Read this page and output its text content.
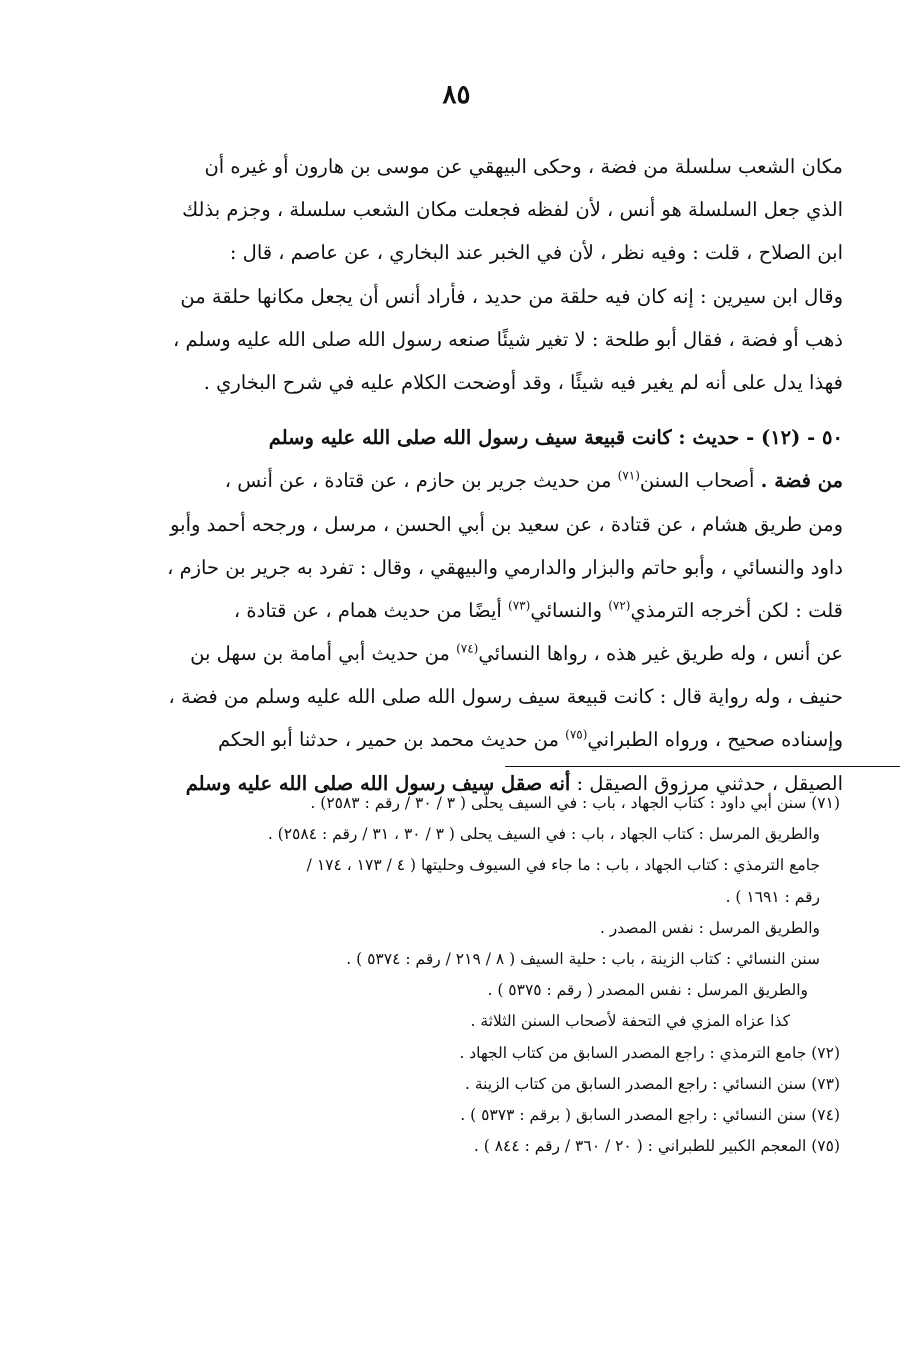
٨٥
مكان الشعب سلسلة من فضة ، وحكى البيهقي عن موسى بن هارون أو غيره أن
الذي جعل السلسلة هو أنس ، لأن لفظه فجعلت مكان الشعب سلسلة ، وجزم بذلك
ابن الصلاح ، قلت : وفيه نظر ، لأن في الخبر عند البخاري ، عن عاصم ، قال :
وقال ابن سيرين : إنه كان فيه حلقة من حديد ، فأراد أنس أن يجعل مكانها حلقة من
ذهب أو فضة ، فقال أبو طلحة : لا تغير شيئًا صنعه رسول الله صلى الله عليه وسلم ،
فهذا يدل على أنه لم يغير فيه شيئًا ، وقد أوضحت الكلام عليه في شرح البخاري .
٥٠ - (١٢) - حديث : كانت قبيعة سيف رسول الله صلى الله عليه وسلم
من فضة . أصحاب السنن$^{(٧١)}$ من حديث جرير بن حازم ، عن قتادة ، عن أنس ،
ومن طريق هشام ، عن قتادة ، عن سعيد بن أبي الحسن ، مرسل ، ورجحه أحمد وأبو
داود والنسائي ، وأبو حاتم والبزار والدارمي والبيهقي ، وقال : تفرد به جرير بن حازم ،
قلت : لكن أخرجه الترمذي$^{(٧٢)}$ والنسائي$^{(٧٣)}$ أيضًا من حديث همام ، عن قتادة ،
عن أنس ، وله طريق غير هذه ، رواها النسائي$^{(٧٤)}$ من حديث أبي أمامة بن سهل بن
حنيف ، وله رواية قال : كانت قبيعة سيف رسول الله صلى الله عليه وسلم من فضة ،
وإسناده صحيح ، ورواه الطبراني$^{(٧٥)}$ من حديث محمد بن حمير ، حدثنا أبو الحكم
الصيقل ، حدثني مرزوق الصيقل : أنه صقل سيف رسول الله صلى الله عليه وسلم
(٧١) سنن أبي داود : كتاب الجهاد ، باب : في السيف يحلّى ( ٣ / ٣٠ / رقم : ٢٥٨٣) .
والطريق المرسل : كتاب الجهاد ، باب : في السيف يحلى ( ٣ / ٣٠ ، ٣١ / رقم : ٢٥٨٤) .
جامع الترمذي : كتاب الجهاد ، باب : ما جاء في السيوف وحليتها ( ٤ / ١٧٣ ، ١٧٤ /
رقم : ١٦٩١ ) .
والطريق المرسل : نفس المصدر .
سنن النسائي : كتاب الزينة ، باب : حلية السيف ( ٨ / ٢١٩ / رقم : ٥٣٧٤ ) .
والطريق المرسل : نفس المصدر ( رقم : ٥٣٧٥ ) .
كذا عزاه المزي في التحفة لأصحاب السنن الثلاثة .
(٧٢) جامع الترمذي : راجع المصدر السابق من كتاب الجهاد .
(٧٣) سنن النسائي : راجع المصدر السابق من كتاب الزينة .
(٧٤) سنن النسائي : راجع المصدر السابق ( برقم : ٥٣٧٣ ) .
(٧٥) المعجم الكبير للطبراني : ( ٢٠ / ٣٦٠ / رقم : ٨٤٤ ) .
